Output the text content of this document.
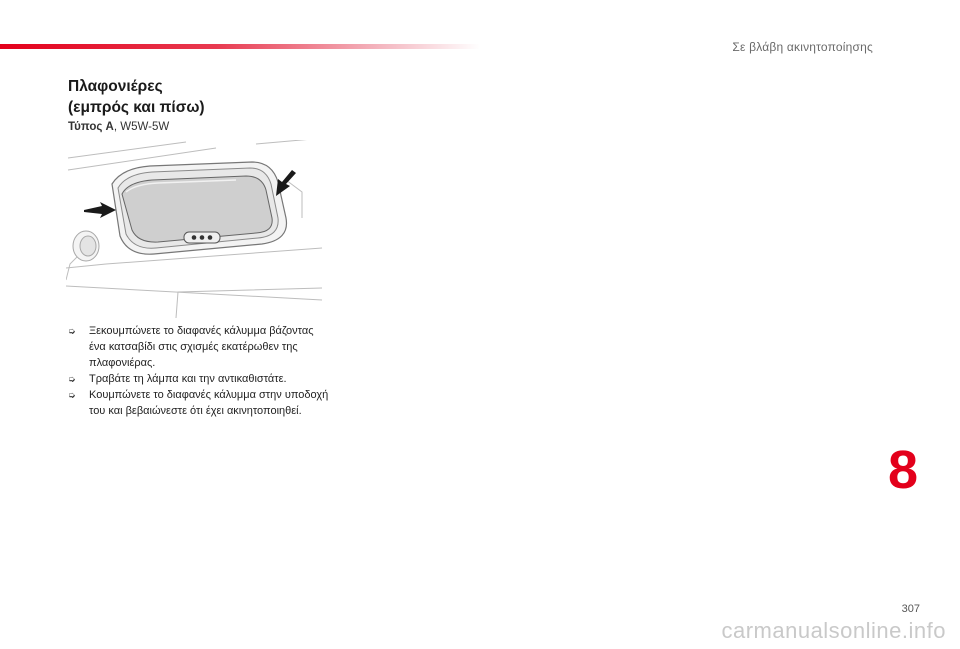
Σε βλάβη ακινητοποίησης
Πλαφονιέρες
(εμπρός και πίσω)
Τύπος A, W5W-5W
➭ Ξεκουμπώνετε το διαφανές κάλυμμα βάζοντας ένα κατσαβίδι στις σχισμές εκατέρωθεν της πλαφονιέρας.
➭ Τραβάτε τη λάμπα και την αντικαθιστάτε.
➭ Κουμπώνετε το διαφανές κάλυμμα στην υποδοχή του και βεβαιώνεστε ότι έχει ακινητοποιηθεί.
8
307
carmanualsonline.info
